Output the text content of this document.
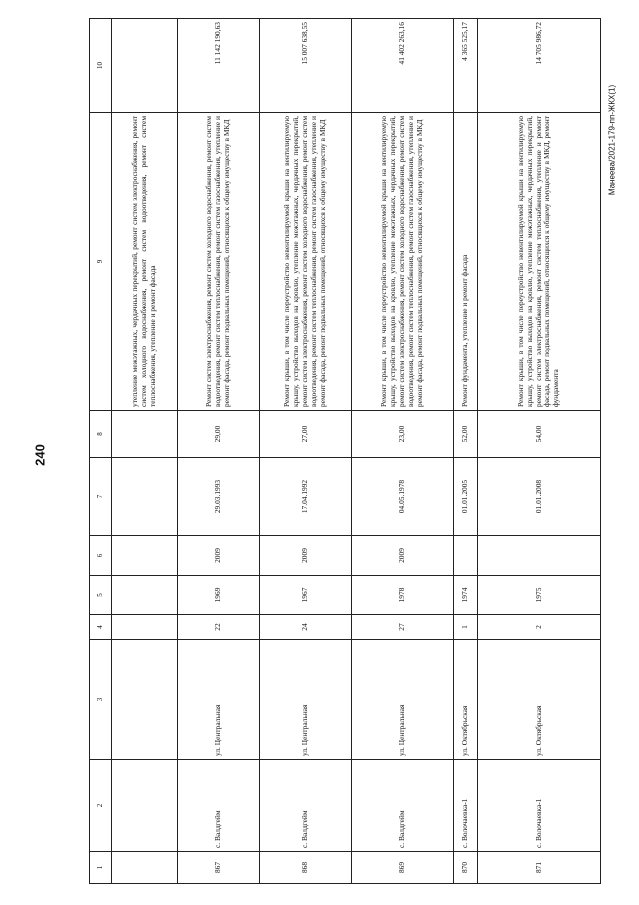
240
Манеева/2021-179-пп-ЖКХ(1)
1	2	3	4	5	6	7	8	9	10
								утепление межэтажных, чердачных перекрытий, ремонт систем электроснабжения, ремонт систем холодного водоснабжения, ремонт систем водоотведения, ремонт систем теплоснабжения, утепление и ремонт фасада	
867	с. Валдгейм	ул. Центральная	22	1969	2009	29.03.1993	29,00	Ремонт систем электроснабжения, ремонт систем холодного водоснабжения, ремонт систем водоотведения, ремонт систем теплоснабжения, ремонт систем газоснабжения, утепление и ремонт фасада, ремонт подвальных помещений, относящихся к общему имуществу в МКД	11 142 190,63
868	с. Валдгейм	ул. Центральная	24	1967	2009	17.04.1992	27,00	Ремонт крыши, в том числе переустройство невентилируемой крыши на вентилируемую крышу, устройство выходов на кровлю, утепление межэтажных, чердачных перекрытий, ремонт систем электроснабжения, ремонт систем холодного водоснабжения, ремонт систем водоотведения, ремонт систем теплоснабжения, ремонт систем газоснабжения, утепление и ремонт фасада, ремонт подвальных помещений, относящихся к общему имуществу в МКД	15 007 638,55
869	с. Валдгейм	ул. Центральная	27	1978	2009	04.05.1978	23,00	Ремонт крыши, в том числе переустройство невентилируемой крыши на вентилируемую крышу, устройство выходов на кровлю, утепление межэтажных, чердачных перекрытий, ремонт систем электроснабжения, ремонт систем холодного водоснабжения, ремонт систем водоотведения, ремонт систем теплоснабжения, ремонт систем газоснабжения, утепление и ремонт фасада, ремонт подвальных помещений, относящихся к общему имуществу в МКД	41 402 263,16
870	с. Волочаевка-1	ул. Октябрьская	1	1974		01.01.2005	52,00	Ремонт фундамента, утепление и ремонт фасада	4 365 525,17
871	с. Волочаевка-1	ул. Октябрьская	2	1975		01.01.2008	54,00	Ремонт крыши, в том числе переустройство невентилируемой крыши на вентилируемую крышу, устройство выходов на кровлю, утепление межэтажных, чердачных перекрытий, ремонт систем электроснабжения, ремонт систем теплоснабжения, утепление и ремонт фасада, ремонт подвальных помещений, относящихся к общему имуществу в МКД, ремонт фундамента	14 705 986,72
